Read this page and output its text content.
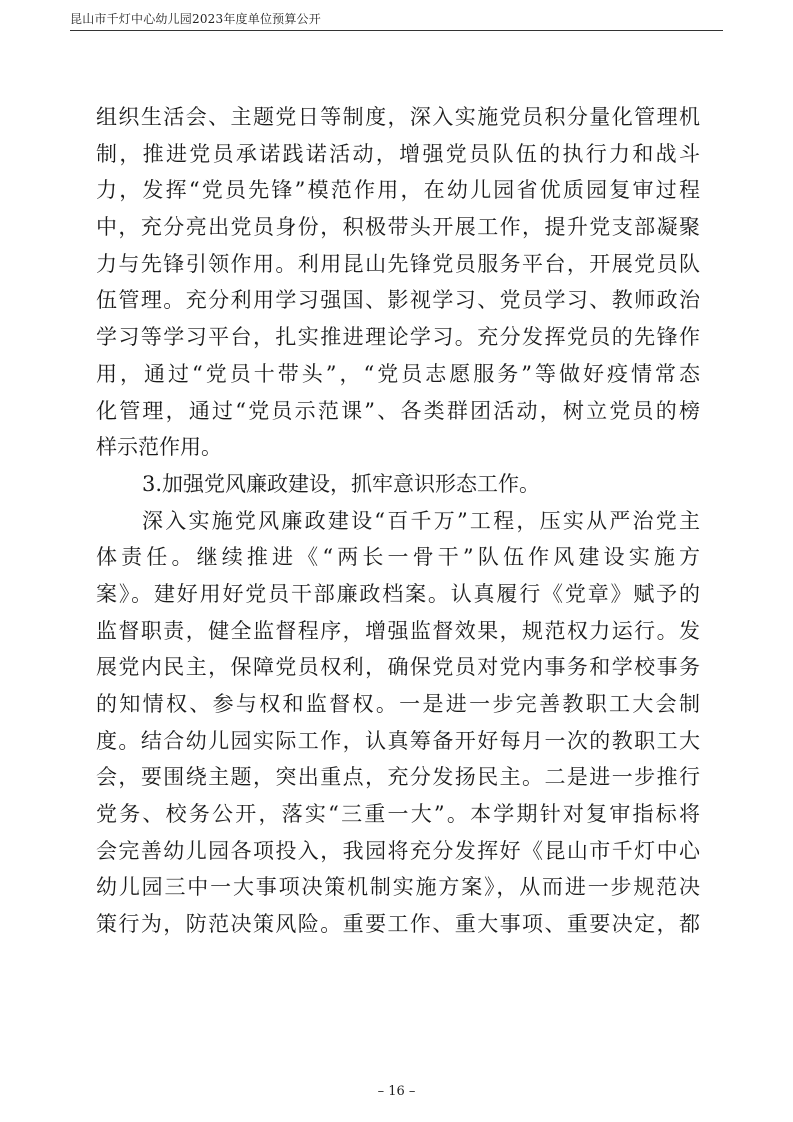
昆山市千灯中心幼儿园2023年度单位预算公开
组织生活会、主题党日等制度，深入实施党员积分量化管理机
制，推进党员承诺践诺活动，增强党员队伍的执行力和战斗
力，发挥“党员先锋”模范作用，在幼儿园省优质园复审过程
中，充分亮出党员身份，积极带头开展工作，提升党支部凝聚
力与先锋引领作用。利用昆山先锋党员服务平台，开展党员队
伍管理。充分利用学习强国、影视学习、党员学习、教师政治
学习等学习平台，扎实推进理论学习。充分发挥党员的先锋作
用，通过“党员十带头”，“党员志愿服务”等做好疫情常态
化管理，通过“党员示范课”、各类群团活动，树立党员的榜
样示范作用。
3.加强党风廉政建设，抓牢意识形态工作。
深入实施党风廉政建设“百千万”工程，压实从严治党主
体责任。继续推进《“两长一骨干”队伍作风建设实施方
案》。建好用好党员干部廉政档案。认真履行《党章》赋予的
监督职责，健全监督程序，增强监督效果，规范权力运行。发
展党内民主，保障党员权利，确保党员对党内事务和学校事务
的知情权、参与权和监督权。一是进一步完善教职工大会制
度。结合幼儿园实际工作，认真筹备开好每月一次的教职工大
会，要围绕主题，突出重点，充分发扬民主。二是进一步推行
党务、校务公开，落实“三重一大”。本学期针对复审指标将
会完善幼儿园各项投入，我园将充分发挥好《昆山市千灯中心
幼儿园三中一大事项决策机制实施方案》，从而进一步规范决
策行为，防范决策风险。重要工作、重大事项、重要决定，都
– 16 –
